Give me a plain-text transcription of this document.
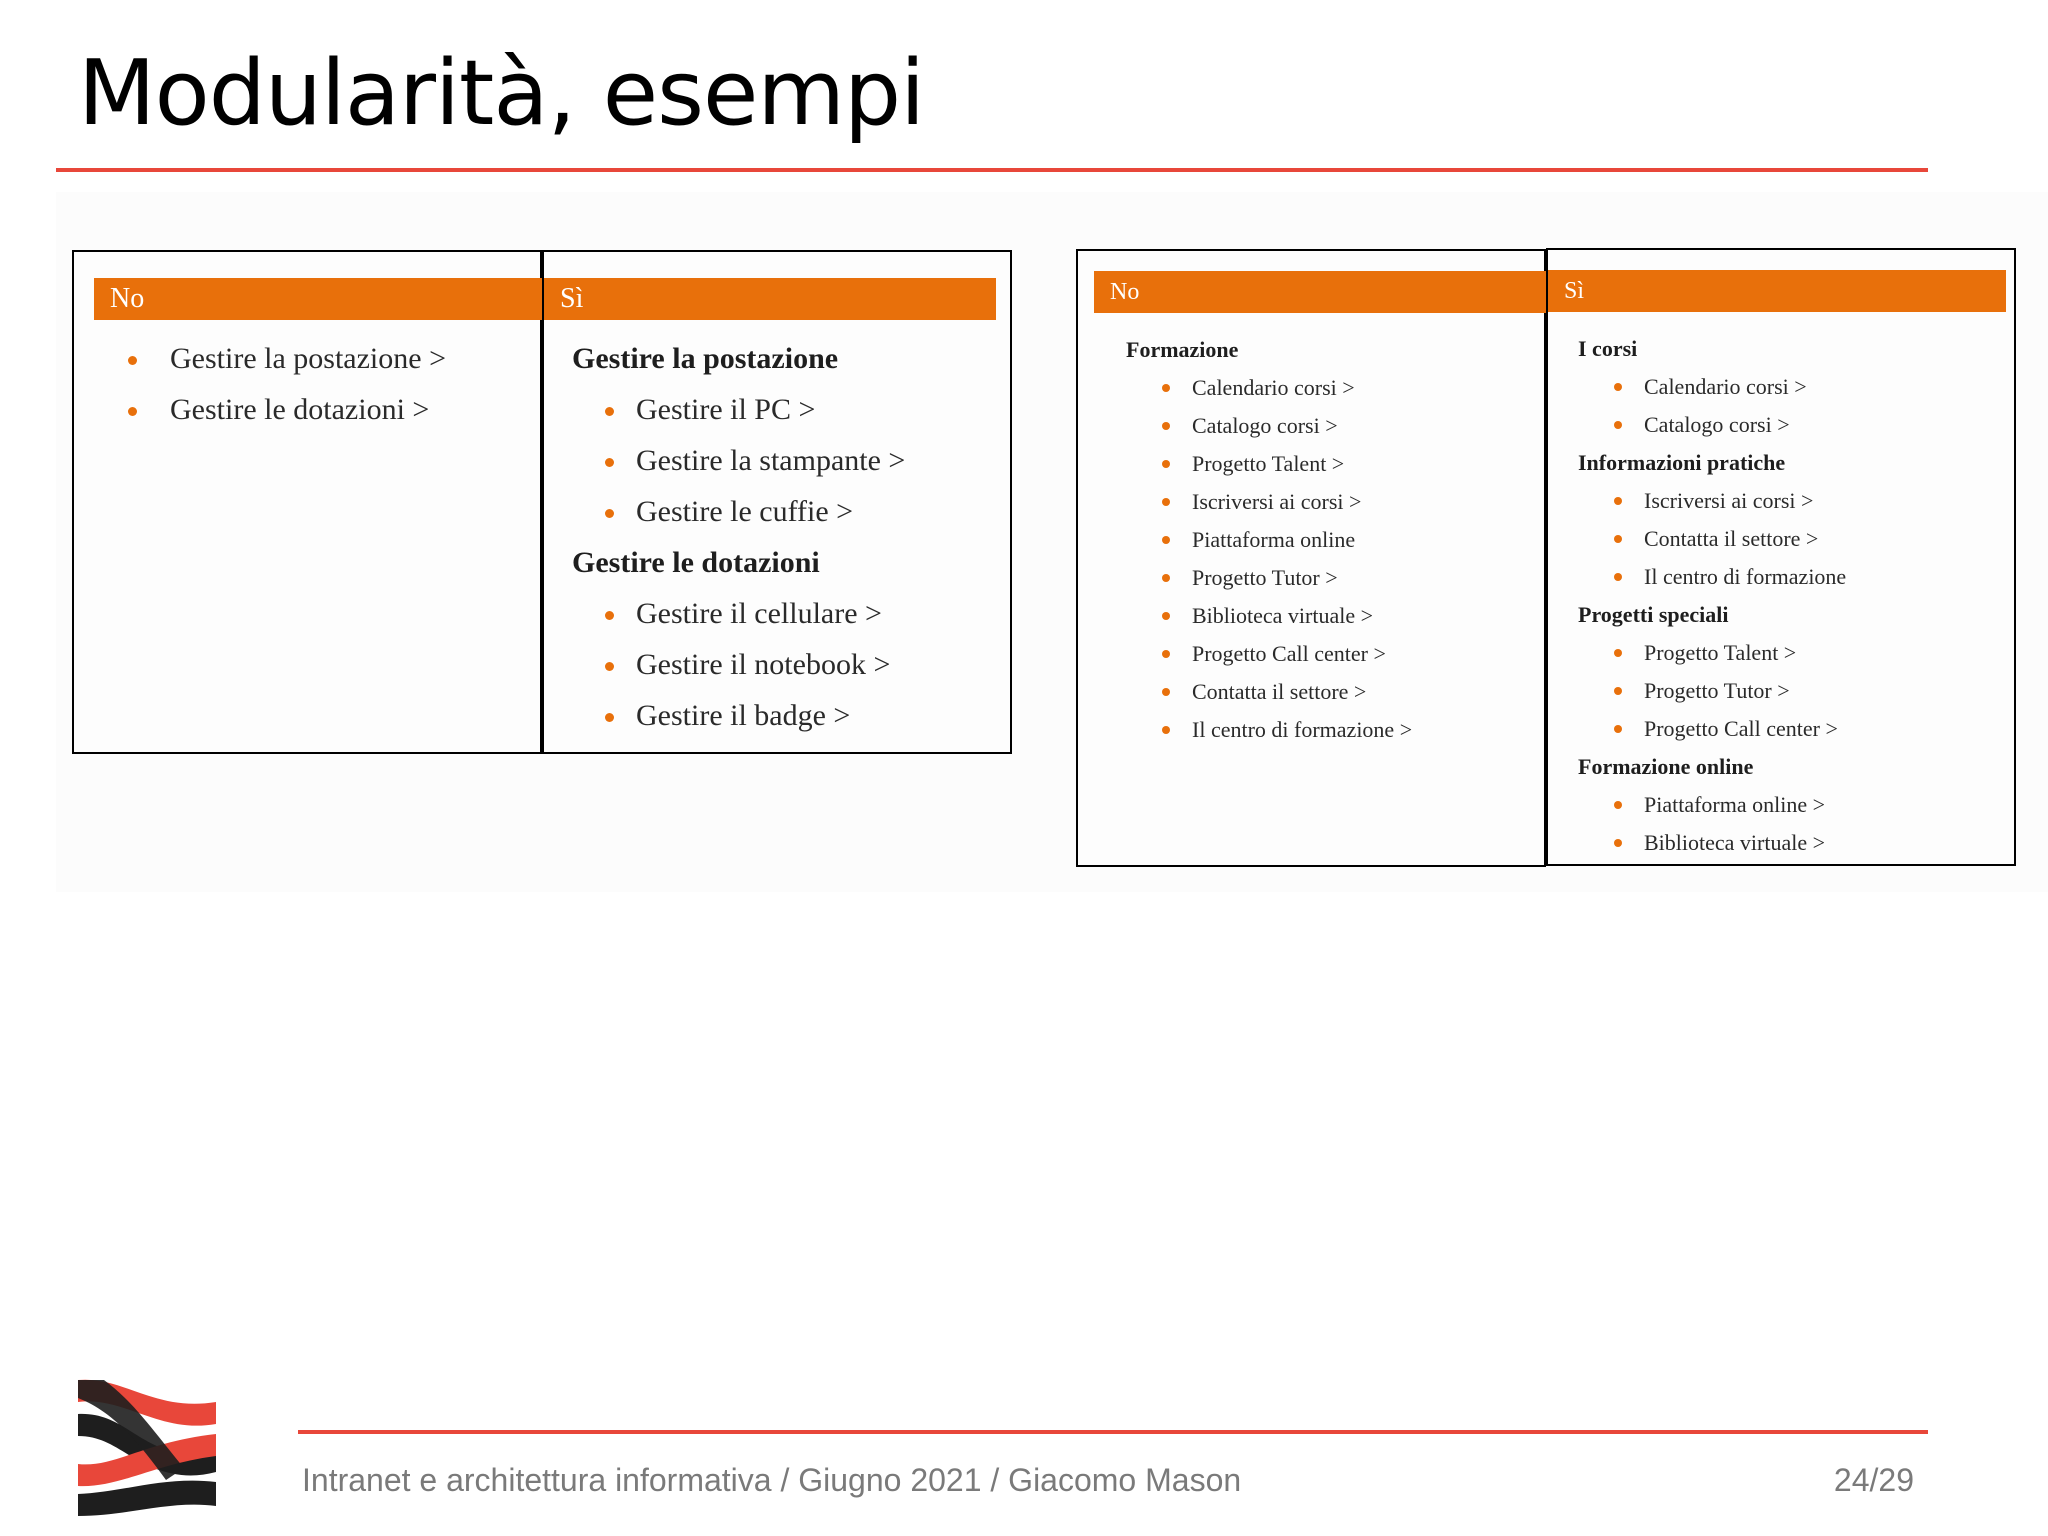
Modularità, esempi
No
Gestire la postazione >
Gestire le dotazioni >
Sì
Gestire la postazione
Gestire il PC >
Gestire la stampante >
Gestire le cuffie >
Gestire le dotazioni
Gestire il cellulare >
Gestire il notebook >
Gestire il badge >
No
Formazione
Calendario corsi >
Catalogo corsi >
Progetto Talent >
Iscriversi ai corsi >
Piattaforma online
Progetto Tutor >
Biblioteca virtuale >
Progetto Call center >
Contatta il settore >
Il centro di formazione >
Sì
I corsi
Calendario corsi >
Catalogo corsi >
Informazioni pratiche
Iscriversi ai corsi >
Contatta il settore >
Il centro di formazione
Progetti speciali
Progetto Talent >
Progetto Tutor >
Progetto Call center >
Formazione online
Piattaforma online >
Biblioteca virtuale >
Intranet e architettura informativa / Giugno 2021 / Giacomo Mason	24/29
